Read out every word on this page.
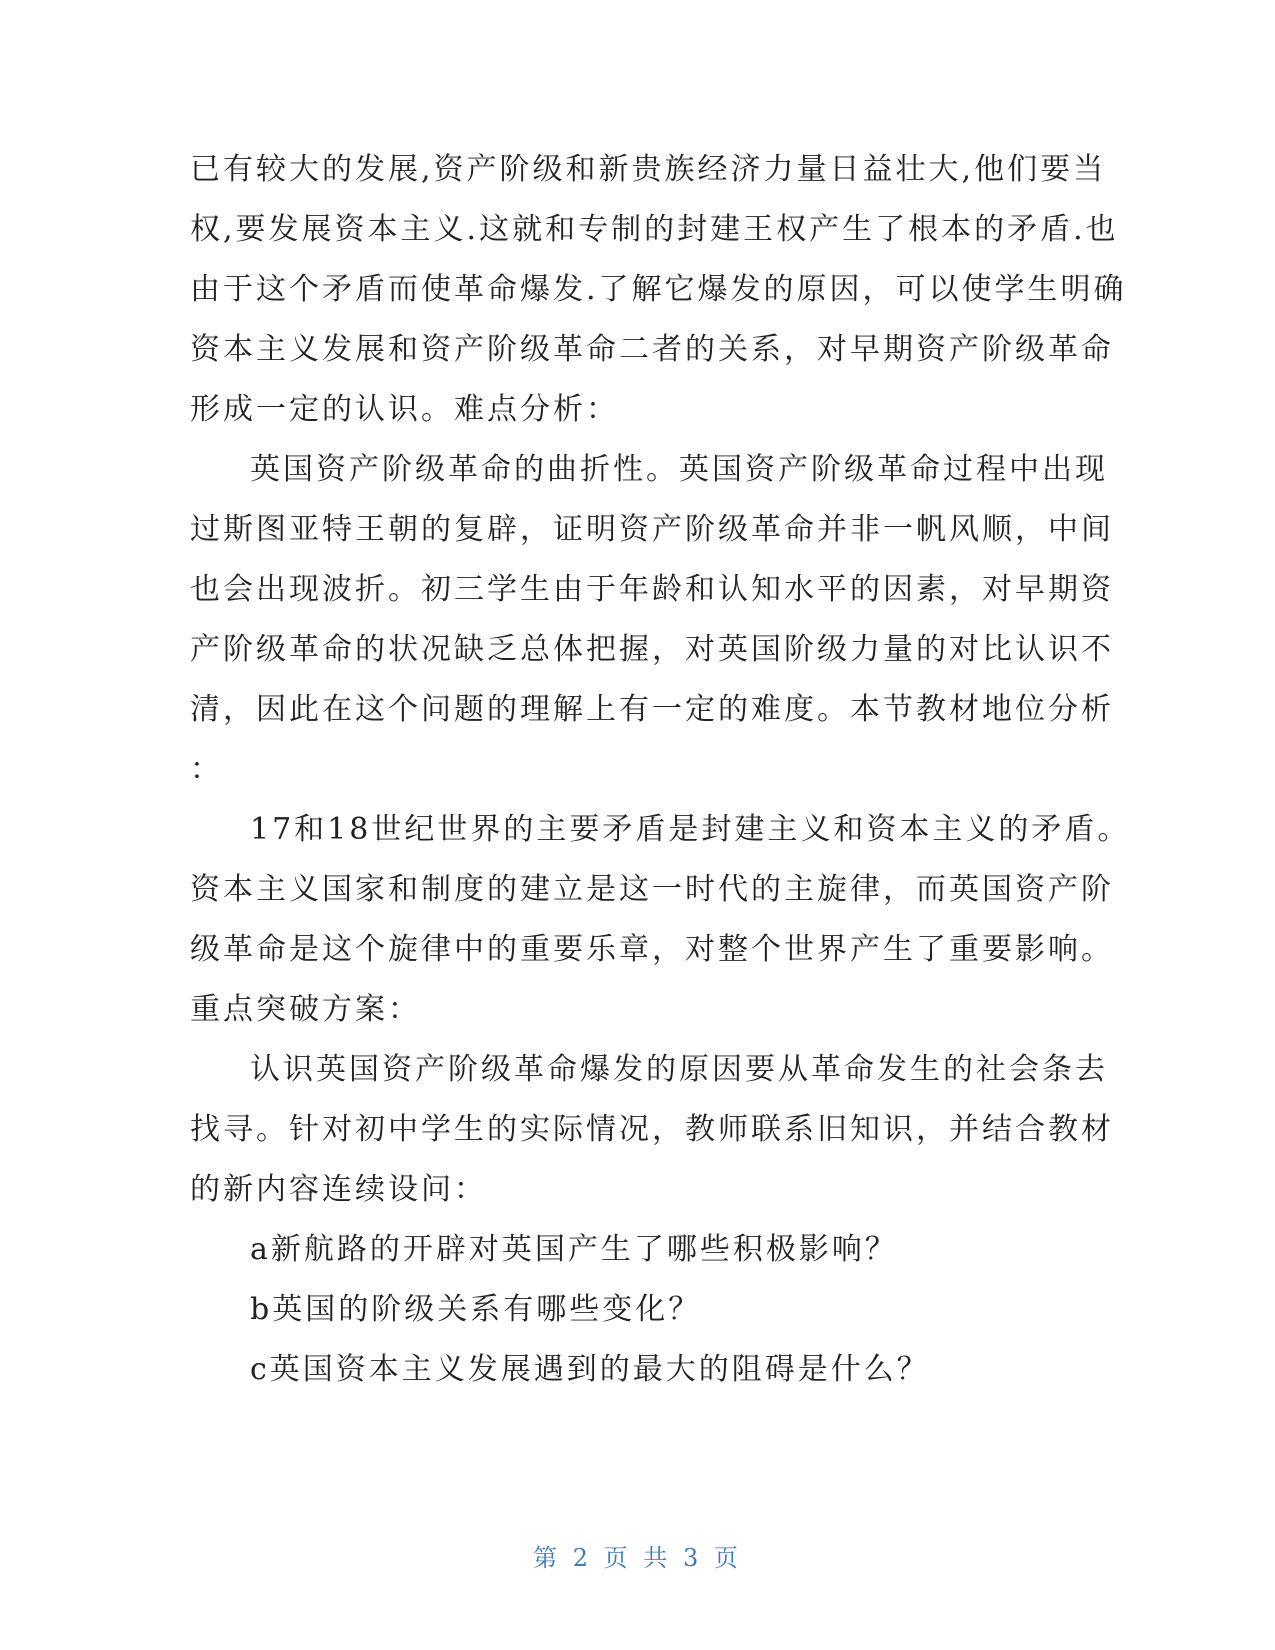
已有较大的发展,资产阶级和新贵族经济力量日益壮大,他们要当
权,要发展资本主义.这就和专制的封建王权产生了根本的矛盾.也
由于这个矛盾而使革命爆发.了解它爆发的原因，可以使学生明确
资本主义发展和资产阶级革命二者的关系，对早期资产阶级革命
形成一定的认识。难点分析：
英国资产阶级革命的曲折性。英国资产阶级革命过程中出现
过斯图亚特王朝的复辟，证明资产阶级革命并非一帆风顺，中间
也会出现波折。初三学生由于年龄和认知水平的因素，对早期资
产阶级革命的状况缺乏总体把握，对英国阶级力量的对比认识不
清，因此在这个问题的理解上有一定的难度。本节教材地位分析
：
17和18世纪世界的主要矛盾是封建主义和资本主义的矛盾。
资本主义国家和制度的建立是这一时代的主旋律，而英国资产阶
级革命是这个旋律中的重要乐章，对整个世界产生了重要影响。
重点突破方案：
认识英国资产阶级革命爆发的原因要从革命发生的社会条去
找寻。针对初中学生的实际情况，教师联系旧知识，并结合教材
的新内容连续设问：
a新航路的开辟对英国产生了哪些积极影响？
b英国的阶级关系有哪些变化？
c英国资本主义发展遇到的最大的阻碍是什么？
第 2 页 共 3 页
